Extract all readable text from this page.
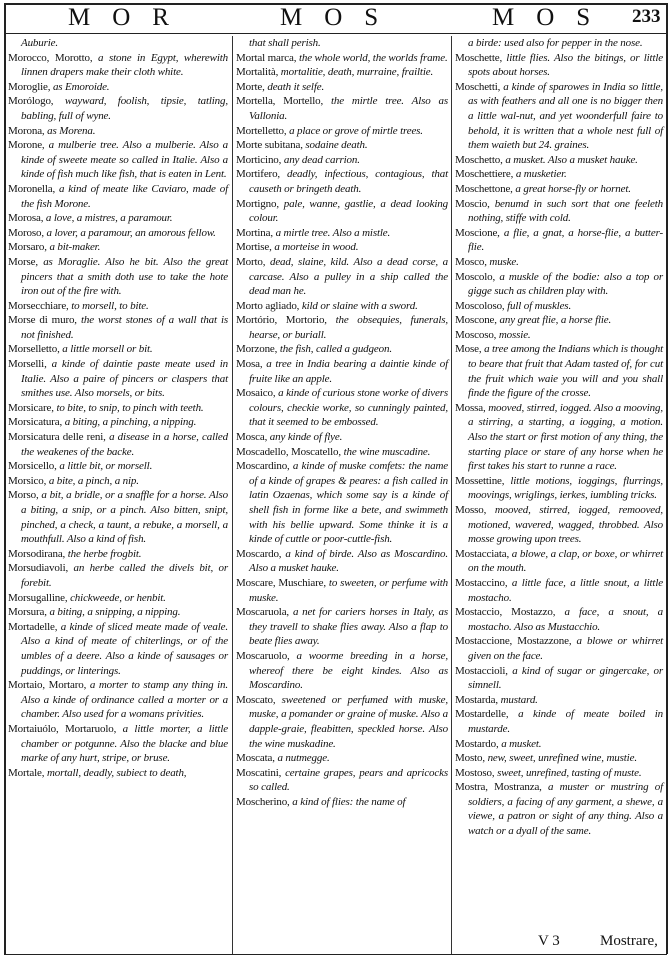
MOR	MOS	MOS 233
Auburie.

Morocco, Morotto, a stone in Egypt, wherewith linnen drapers make their cloth white.

Moroglie, as Emoroide.

Morólogo, wayward, foolish, tipsie, tatling, babling, full of wyne.

Morona, as Morena.

Morone, a mulberie tree. Also a mulberie. Also a kinde of sweete meate so called in Italie. Also a kinde of fish much like fish, that is eaten in Lent.

Moronella, a kind of meate like Caviaro, made of the fish Morone.

Morosa, a love, a mistres, a paramour.

Moroso, a lover, a paramour, an amorous fellow.

Morsaro, a bit-maker.

Morse, as Moraglie. Also he bit. Also the great pincers that a smith doth use to take the hote iron out of the fire with.

Morsecchiare, to morsell, to bite.

Morse di muro, the worst stones of a wall that is not finished.

Morselletto, a little morsell or bit.

Morselli, a kinde of daintie paste meate used in Italie. Also a paire of pincers or claspers that smithes use. Also morsels, or bits.

Morsicare, to bite, to snip, to pinch with teeth.

Morsicatura, a biting, a pinching, a nipping.

Morsicatura delle reni, a disease in a horse, called the weakenes of the backe.

Morsicello, a little bit, or morsell.

Morsico, a bite, a pinch, a nip.

Morso, a bit, a bridle, or a snaffle for a horse. Also a biting, a snip, or a pinch. Also bitten, snipt, pinched, a check, a taunt, a rebuke, a morsell, a mouthfull. Also a kind of fish.

Morsodirana, the herbe frogbit.

Morsudiavoli, an herbe called the divels bit, or forebit.

Morsugalline, chickweede, or henbit.

Morsura, a biting, a snipping, a nipping.

Mortadelle, a kinde of sliced meate made of veale. Also a kind of meate of chiterlings, or of the umbles of a deere. Also a kinde of sausages or puddings, or linterings.

Mortaio, Mortaro, a morter to stamp any thing in. Also a kinde of ordinance called a morter or a chamber. Also used for a womans privities.

Mortaiuólo, Mortaruolo, a little morter, a little chamber or potgunne. Also the blacke and blue marke of any hurt, stripe, or bruse.

Mortale, mortall, deadly, subiect to death,

that shall perish.

Mortal marca, the whole world, the worlds frame.

Mortalità, mortalitie, death, murraine, frailtie.

Morte, death it selfe.

Mortella, Mortello, the mirtle tree. Also as Vallonia.

Mortelletto, a place or grove of mirtle trees.

Morte subitana, sodaine death.

Morticino, any dead carrion.

Mortifero, deadly, infectious, contagious, that causeth or bringeth death.

Mortigno, pale, wanne, gastlie, a dead looking colour.

Mortina, a mirtle tree. Also a mistle.

Mortise, a morteise in wood.

Morto, dead, slaine, kild. Also a dead corse, a carcase. Also a pulley in a ship called the dead man he.

Morto agliado, kild or slaine with a sword.

Mortório, Mortorio, the obsequies, funerals, hearse, or buriall.

Morzone, the fish, called a gudgeon.

Mosa, a tree in India bearing a daintie kinde of fruite like an apple.

Mosaico, a kinde of curious stone worke of divers colours, checkie worke, so cunningly painted, that it seemed to be embossed.

Mosca, any kinde of flye.

Moscadello, Moscatello, the wine muscadine.

Moscardino, a kinde of muske comfets: the name of a kinde of grapes & peares: a fish called in latin Ozaenas, which some say is a kinde of shell fish in forme like a bete, and swimmeth with his bellie upward. Some thinke it is a kinde of cuttle or poor-cuttle-fish.

Moscardo, a kind of birde. Also as Moscardino. Also a musket hauke.

Moscare, Muschiare, to sweeten, or perfume with muske.

Moscaruola, a net for cariers horses in Italy, as they travell to shake flies away. Also a flap to beate flies away.

Moscaruolo, a woorme breeding in a horse, whereof there be eight kindes. Also as Moscardino.

Moscato, sweetened or perfumed with muske, muske, a pomander or graine of muske. Also a dapple-graie, fleabitten, speckled horse. Also the wine muskadine.

Moscata, a nutmegge.

Moscatini, certaine grapes, pears and apricocks so called.

Moscherino, a kind of flies: the name of

a birde: used also for pepper in the nose.

Moschette, little flies. Also the bitings, or little spots about horses.

Moschetti, a kinde of sparowes in India so little, as with feathers and all one is no bigger then a little wal-nut, and yet woonderfull faire to behold, it is written that a whole nest full of them waieth but 24. graines.

Moschetto, a musket. Also a musket hauke.

Moschettiere, a musketier.

Moschettone, a great horse-fly or hornet.

Moscio, benumd in such sort that one feeleth nothing, stiffe with cold.

Moscione, a flie, a gnat, a horse-flie, a butter-flie.

Mosco, muske.

Moscolo, a muskle of the bodie: also a top or gigge such as children play with.

Moscoloso, full of muskles.

Moscone, any great flie, a horse flie.

Moscoso, mossie.

Mose, a tree among the Indians which is thought to beare that fruit that Adam tasted of, for cut the fruit which waie you will and you shall finde the figure of the crosse.

Mossa, mooved, stirred, iogged. Also a mooving, a stirring, a starting, a iogging, a motion. Also the start or first motion of any thing, the starting place or stare of any horse when he first takes his start to runne a race.

Mossettine, little motions, ioggings, flurrings, moovings, wriglings, ierkes, iumbling tricks.

Mosso, mooved, stirred, iogged, remooved, motioned, wavered, wagged, throbbed. Also mosse growing upon trees.

Mostacciata, a blowe, a clap, or boxe, or whirret on the mouth.

Mostaccino, a little face, a little snout, a little mostacho.

Mostaccio, Mostazzo, a face, a snout, a mostacho. Also as Mustacchio.

Mostaccione, Mostazzone, a blowe or whirret given on the face.

Mostaccioli, a kind of sugar or gingercake, or simnell.

Mostarda, mustard.

Mostardelle, a kinde of meate boiled in mustarde.

Mostardo, a musket.

Mosto, new, sweet, unrefined wine, mustie.

Mostoso, sweet, unrefined, tasting of muste.

Mostra, Mostranza, a muster or mustring of soldiers, a facing of any garment, a shewe, a viewe, a patron or sight of any thing. Also a watch or a dyall of the same.

V 3	Mostrare,
